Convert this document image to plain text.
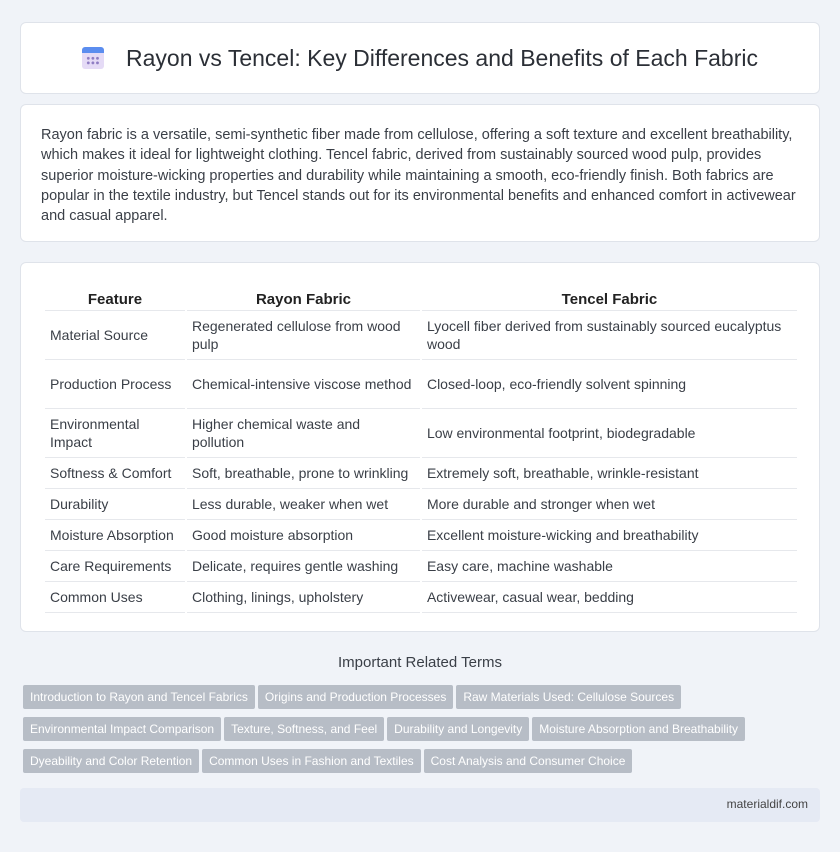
Rayon vs Tencel: Key Differences and Benefits of Each Fabric

Rayon fabric is a versatile, semi-synthetic fiber made from cellulose, offering a soft texture and excellent breathability, which makes it ideal for lightweight clothing. Tencel fabric, derived from sustainably sourced wood pulp, provides superior moisture-wicking properties and durability while maintaining a smooth, eco-friendly finish. Both fabrics are popular in the textile industry, but Tencel stands out for its environmental benefits and enhanced comfort in activewear and casual apparel.

Feature	Rayon Fabric	Tencel Fabric
Material Source	Regenerated cellulose from wood pulp	Lyocell fiber derived from sustainably sourced eucalyptus wood
Production Process	Chemical-intensive viscose method	Closed-loop, eco-friendly solvent spinning
Environmental Impact	Higher chemical waste and pollution	Low environmental footprint, biodegradable
Softness & Comfort	Soft, breathable, prone to wrinkling	Extremely soft, breathable, wrinkle-resistant
Durability	Less durable, weaker when wet	More durable and stronger when wet
Moisture Absorption	Good moisture absorption	Excellent moisture-wicking and breathability
Care Requirements	Delicate, requires gentle washing	Easy care, machine washable
Common Uses	Clothing, linings, upholstery	Activewear, casual wear, bedding
Important Related Terms
Introduction to Rayon and Tencel Fabrics Origins and Production Processes Raw Materials Used: Cellulose Sources
Environmental Impact Comparison Texture, Softness, and Feel Durability and Longevity Moisture Absorption and Breathability
Dyeability and Color Retention Common Uses in Fashion and Textiles Cost Analysis and Consumer Choice
materialdif.com
